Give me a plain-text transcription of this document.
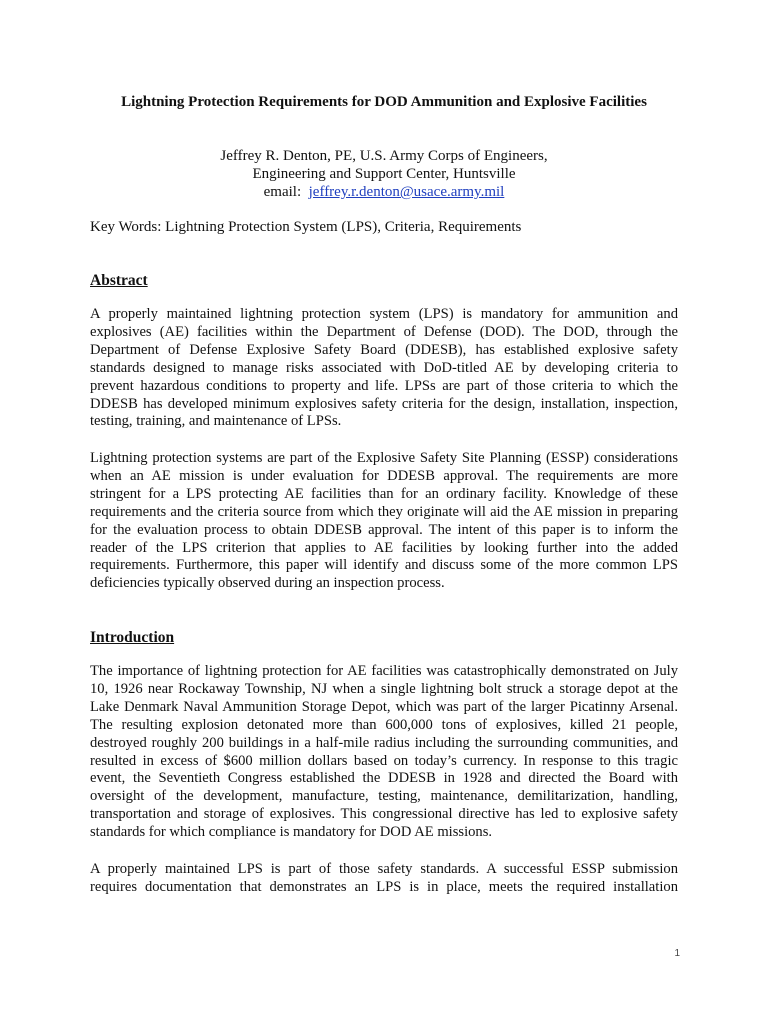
Lightning Protection Requirements for DOD Ammunition and Explosive Facilities
Jeffrey R. Denton, PE, U.S. Army Corps of Engineers,
Engineering and Support Center, Huntsville
email: jeffrey.r.denton@usace.army.mil

Key Words: Lightning Protection System (LPS), Criteria, Requirements

Abstract

A properly maintained lightning protection system (LPS) is mandatory for ammunition and
explosives (AE) facilities within the Department of Defense (DOD). The DOD, through the
Department of Defense Explosive Safety Board (DDESB), has established explosive safety
standards designed to manage risks associated with DoD-titled AE by developing criteria to
prevent hazardous conditions to property and life. LPSs are part of those criteria to which the
DDESB has developed minimum explosives safety criteria for the design, installation, inspection,
testing, training, and maintenance of LPSs.

Lightning protection systems are part of the Explosive Safety Site Planning (ESSP) considerations
when an AE mission is under evaluation for DDESB approval. The requirements are more
stringent for a LPS protecting AE facilities than for an ordinary facility. Knowledge of these
requirements and the criteria source from which they originate will aid the AE mission in preparing
for the evaluation process to obtain DDESB approval. The intent of this paper is to inform the
reader of the LPS criterion that applies to AE facilities by looking further into the added
requirements. Furthermore, this paper will identify and discuss some of the more common LPS
deficiencies typically observed during an inspection process.

Introduction

The importance of lightning protection for AE facilities was catastrophically demonstrated on July
10, 1926 near Rockaway Township, NJ when a single lightning bolt struck a storage depot at the
Lake Denmark Naval Ammunition Storage Depot, which was part of the larger Picatinny Arsenal.
The resulting explosion detonated more than 600,000 tons of explosives, killed 21 people,
destroyed roughly 200 buildings in a half-mile radius including the surrounding communities, and
resulted in excess of $600 million dollars based on today’s currency. In response to this tragic
event, the Seventieth Congress established the DDESB in 1928 and directed the Board with
oversight of the development, manufacture, testing, maintenance, demilitarization, handling,
transportation and storage of explosives. This congressional directive has led to explosive safety
standards for which compliance is mandatory for DOD AE missions.

A properly maintained LPS is part of those safety standards. A successful ESSP submission
requires documentation that demonstrates an LPS is in place, meets the required installation

1
